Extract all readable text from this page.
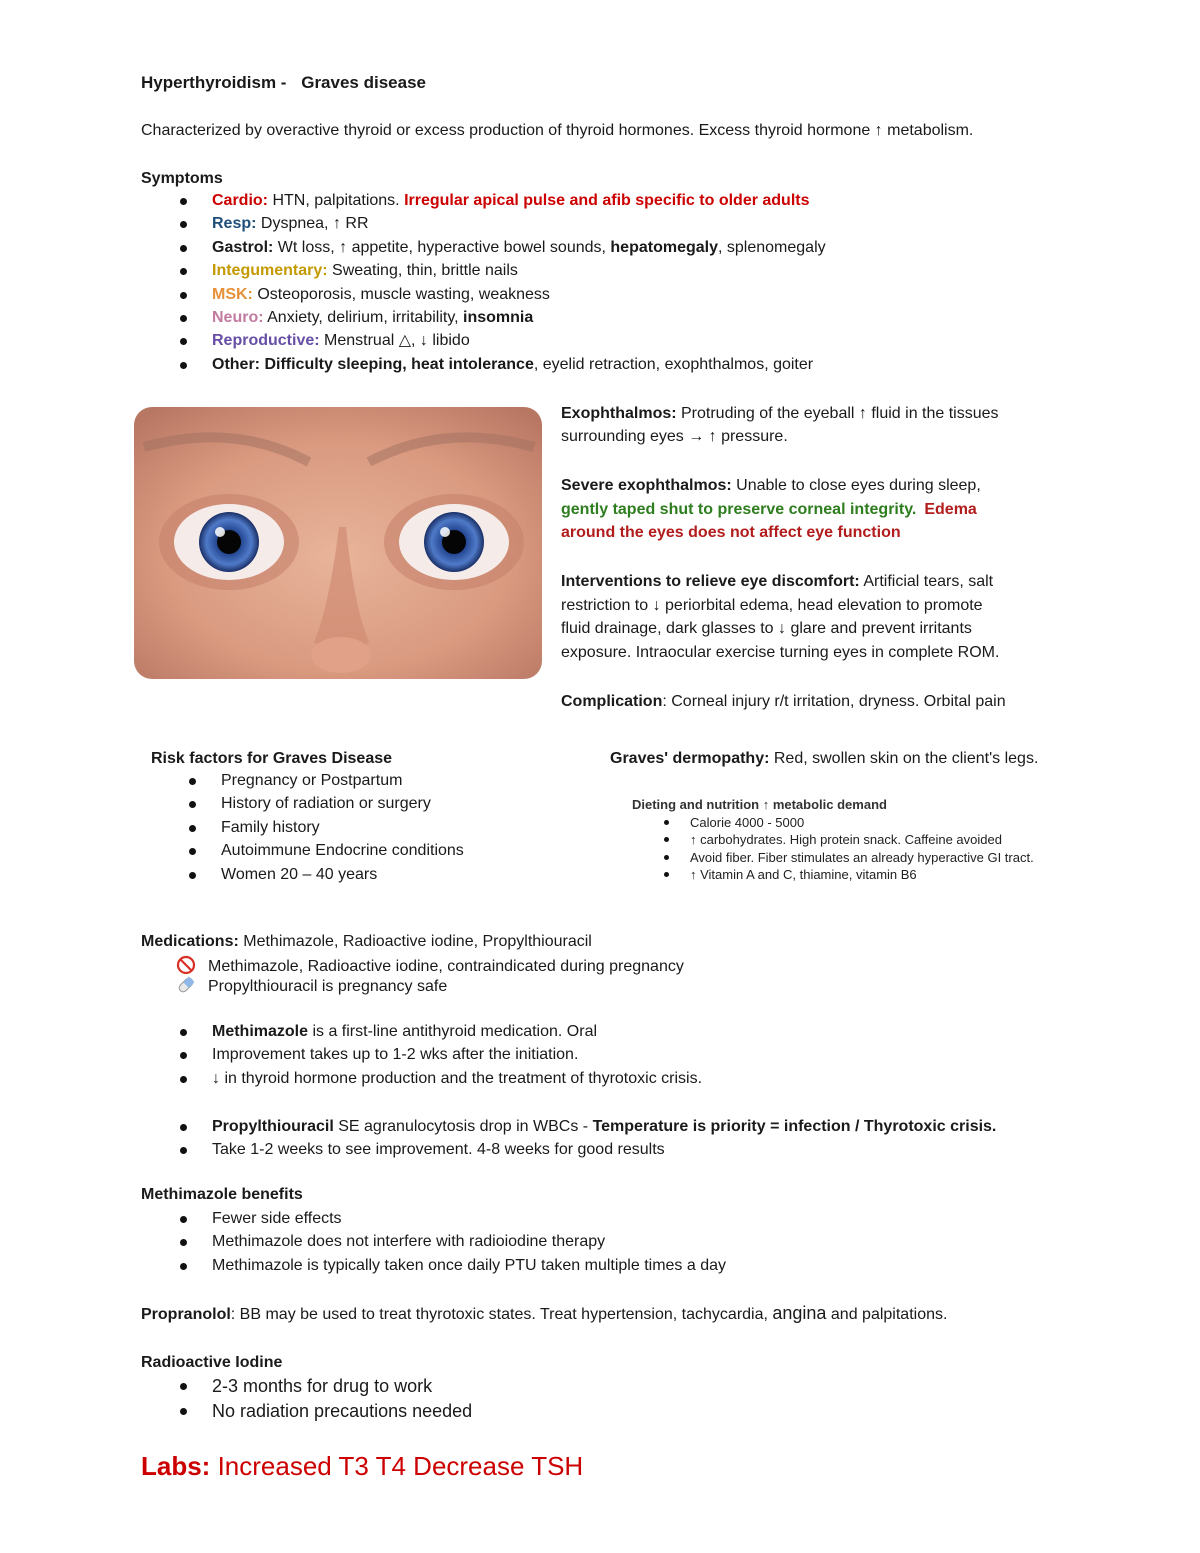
Hyperthyroidism - Graves disease
Characterized by overactive thyroid or excess production of thyroid hormones. Excess thyroid hormone ↑ metabolism.
Symptoms
Cardio: HTN, palpitations. Irregular apical pulse and afib specific to older adults
Resp: Dyspnea, ↑ RR
Gastrol: Wt loss, ↑ appetite, hyperactive bowel sounds, hepatomegaly, splenomegaly
Integumentary: Sweating, thin, brittle nails
MSK: Osteoporosis, muscle wasting, weakness
Neuro: Anxiety, delirium, irritability, insomnia
Reproductive: Menstrual △, ↓ libido
Other: Difficulty sleeping, heat intolerance, eyelid retraction, exophthalmos, goiter
Exophthalmos: Protruding of the eyeball ↑ fluid in the tissues
surrounding eyes → ↑ pressure.
Severe exophthalmos: Unable to close eyes during sleep,
gently taped shut to preserve corneal integrity. Edema
around the eyes does not affect eye function
Interventions to relieve eye discomfort: Artificial tears, salt
restriction to ↓ periorbital edema, head elevation to promote
fluid drainage, dark glasses to ↓ glare and prevent irritants
exposure. Intraocular exercise turning eyes in complete ROM.
Complication: Corneal injury r/t irritation, dryness. Orbital pain
Risk factors for Graves Disease
Pregnancy or Postpartum
History of radiation or surgery
Family history
Autoimmune Endocrine conditions
Women 20 – 40 years
Graves' dermopathy: Red, swollen skin on the client's legs.
Dieting and nutrition ↑ metabolic demand
Calorie 4000 - 5000
↑ carbohydrates. High protein snack. Caffeine avoided
Avoid fiber. Fiber stimulates an already hyperactive GI tract.
↑ Vitamin A and C, thiamine, vitamin B6
Medications: Methimazole, Radioactive iodine, Propylthiouracil
Methimazole, Radioactive iodine, contraindicated during pregnancy
Propylthiouracil is pregnancy safe
Methimazole is a first-line antithyroid medication. Oral
Improvement takes up to 1-2 wks after the initiation.
↓ in thyroid hormone production and the treatment of thyrotoxic crisis.
Propylthiouracil SE agranulocytosis drop in WBCs - Temperature is priority = infection / Thyrotoxic crisis.
Take 1-2 weeks to see improvement. 4-8 weeks for good results
Methimazole benefits
Fewer side effects
Methimazole does not interfere with radioiodine therapy
Methimazole is typically taken once daily PTU taken multiple times a day
Propranolol: BB may be used to treat thyrotoxic states. Treat hypertension, tachycardia, angina and palpitations.
Radioactive Iodine
2-3 months for drug to work
No radiation precautions needed
Labs: Increased T3 T4 Decrease TSH
